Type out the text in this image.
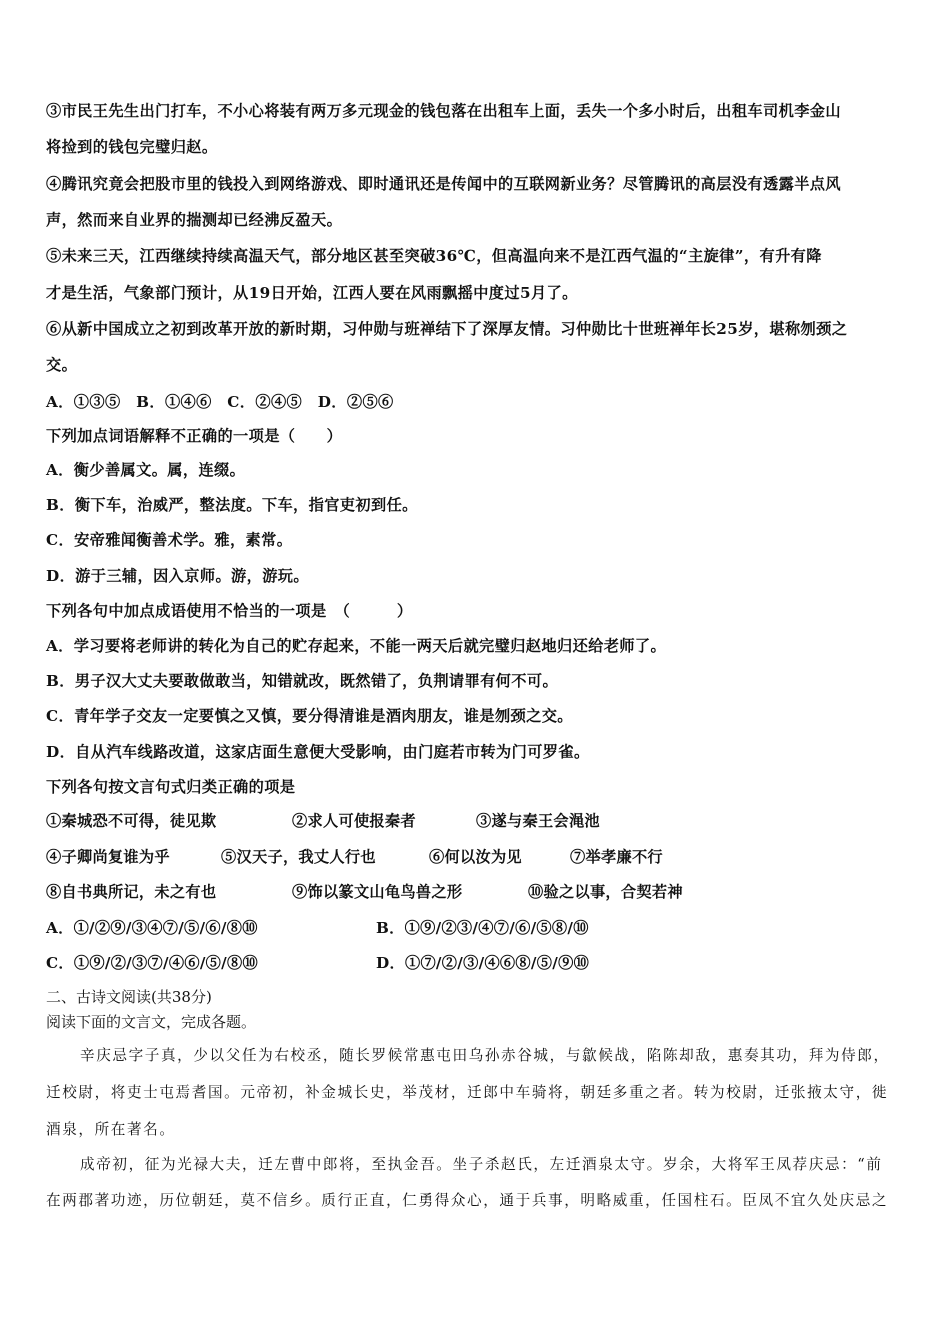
③市民王先生出门打车，不小心将装有两万多元现金的钱包落在出租车上面，丢失一个多小时后，出租车司机李金山
将捡到的钱包完璧归赵。
④腾讯究竟会把股市里的钱投入到网络游戏、即时通讯还是传闻中的互联网新业务？尽管腾讯的高层没有透露半点风
声，然而来自业界的揣测却已经沸反盈天。
⑤未来三天，江西继续持续高温天气，部分地区甚至突破36℃，但高温向来不是江西气温的“主旋律”，有升有降
才是生活，气象部门预计，从19日开始，江西人要在风雨飘摇中度过5月了。
⑥从新中国成立之初到改革开放的新时期，习仲勋与班禅结下了深厚友情。习仲勋比十世班禅年长25岁，堪称刎颈之
交。
A．①③⑤　B．①④⑥　C．②④⑤　D．②⑤⑥
下列加点词语解释不正确的一项是（　　）
A．衡少善属文。属，连缀。
B．衡下车，治威严，整法度。下车，指官吏初到任。
C．安帝雅闻衡善术学。雅，素常。
D．游于三辅，因入京师。游，游玩。
下列各句中加点成语使用不恰当的一项是　（　　　）
A．学习要将老师讲的转化为自己的贮存起来，不能一两天后就完璧归赵地归还给老师了。
B．男子汉大丈夫要敢做敢当，知错就改，既然错了，负荆请罪有何不可。
C．青年学子交友一定要慎之又慎，要分得清谁是酒肉朋友，谁是刎颈之交。
D．自从汽车线路改道，这家店面生意便大受影响，由门庭若市转为门可罗雀。
下列各句按文言句式归类正确的项是
①秦城恐不可得，徒见欺	②求人可使报秦者	③遂与秦王会渑池
④子卿尚复谁为乎	⑤汉天子，我丈人行也	⑥何以汝为见	⑦举孝廉不行
⑧自书典所记，未之有也	⑨饰以篆文山龟鸟兽之形	⑩验之以事，合契若神
A．①/②⑨/③④⑦/⑤/⑥/⑧⑩	B．①⑨/②③/④⑦/⑥/⑤⑧/⑩
C．①⑨/②/③⑦/④⑥/⑤/⑧⑩	D．①⑦/②/③/④⑥⑧/⑤/⑨⑩
二、古诗文阅读(共38分)
阅读下面的文言文，完成各题。
辛庆忌字子真，少以父任为右校丞，随长罗候常惠屯田乌孙赤谷城，与歙候战，陷陈却敌，惠奏其功，拜为侍郎，
迁校尉，将吏士屯焉耆国。元帝初，补金城长史，举茂材，迁郎中车骑将，朝廷多重之者。转为校尉，迁张掖太守，徙
酒泉，所在著名。
成帝初，征为光禄大夫，迁左曹中郎将，至执金吾。坐子杀赵氏，左迁酒泉太守。岁余，大将军王凤荐庆忌：“前
在两郡著功迹，历位朝廷，莫不信乡。质行正直，仁勇得众心，通于兵事，明略威重，任国柱石。臣凤不宜久处庆忌之
